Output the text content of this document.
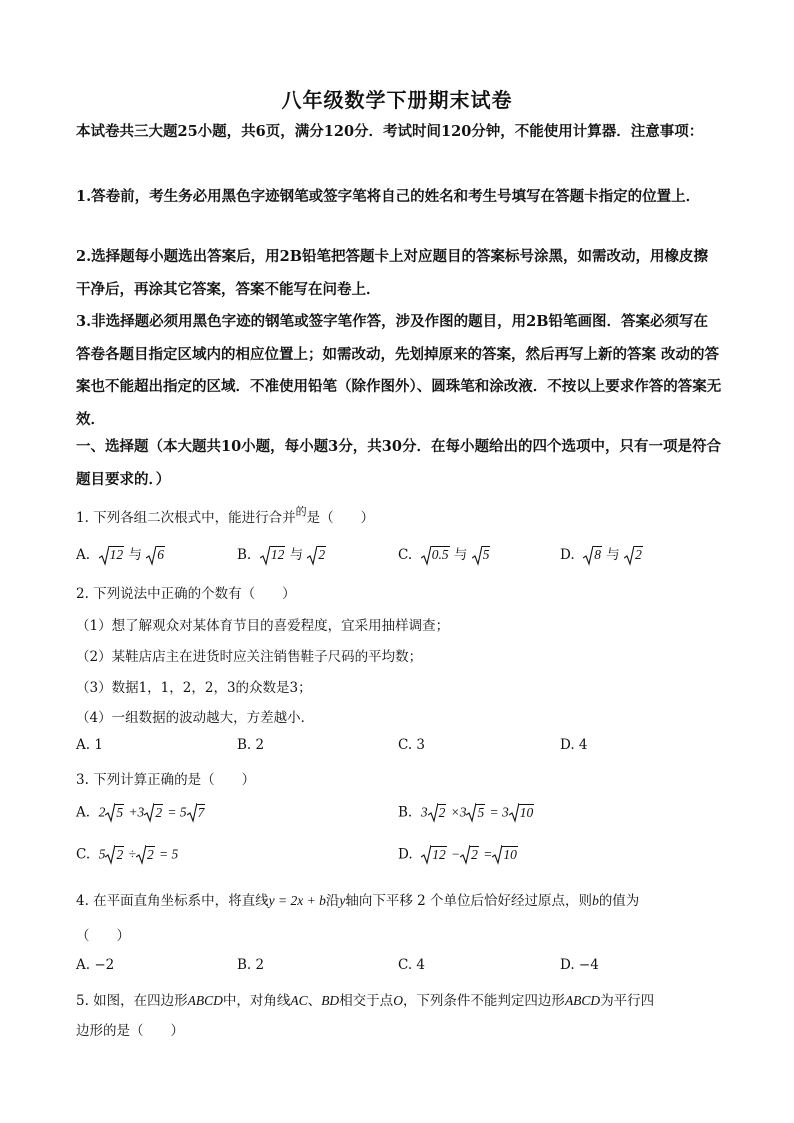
八年级数学下册期末试卷

本试卷共三大题25小题，共6页，满分120分．考试时间120分钟，不能使用计算器．注意事项：

1.答卷前，考生务必用黑色字迹钢笔或签字笔将自己的姓名和考生号填写在答题卡指定的位置上．

2.选择题每小题选出答案后，用2B铅笔把答题卡上对应题目的答案标号涂黑，如需改动，用橡皮擦干净后，再涂其它答案，答案不能写在问卷上．

3.非选择题必须用黑色字迹的钢笔或签字笔作答，涉及作图的题目，用2B铅笔画图．答案必须写在答卷各题目指定区域内的相应位置上；如需改动，先划掉原来的答案，然后再写上新的答案 改动的答案也不能超出指定的区域．不准使用铅笔（除作图外）、圆珠笔和涂改液．不按以上要求作答的答案无效．

一、选择题（本大题共10小题，每小题3分，共30分．在每小题给出的四个选项中，只有一项是符合题目要求的．）

1. 下列各组二次根式中，能进行合并$^的$是（　　）
A. 12 与 6	B. 12 与 2	C. 0.5 与 5	D. 8 与 2
2. 下列说法中正确的个数有（　　）
（1）想了解观众对某体育节目的喜爱程度，宜采用抽样调查；
（2）某鞋店店主在进货时应关注销售鞋子尺码的平均数；
（3）数据1，1，2，2，3的众数是3；
（4）一组数据的波动越大，方差越小．
A. 1	B. 2	C. 3	D. 4
3. 下列计算正确的是（　　）
A. 2 5 +3 2 = 5 7	B. 3 2 ×3 5 = 3 10
C. 5 2 ÷ 2 = 5	D. 12 − 2 = 10
4. 在平面直角坐标系中，将直线y = 2x + b沿y轴向下平移 2 个单位后恰好经过原点，则b的值为
（　　）
A. −2	B. 2	C. 4	D. −4
5. 如图，在四边形ABCD中，对角线AC、BD相交于点O，下列条件不能判定四边形ABCD为平行四
边形的是（　　）
